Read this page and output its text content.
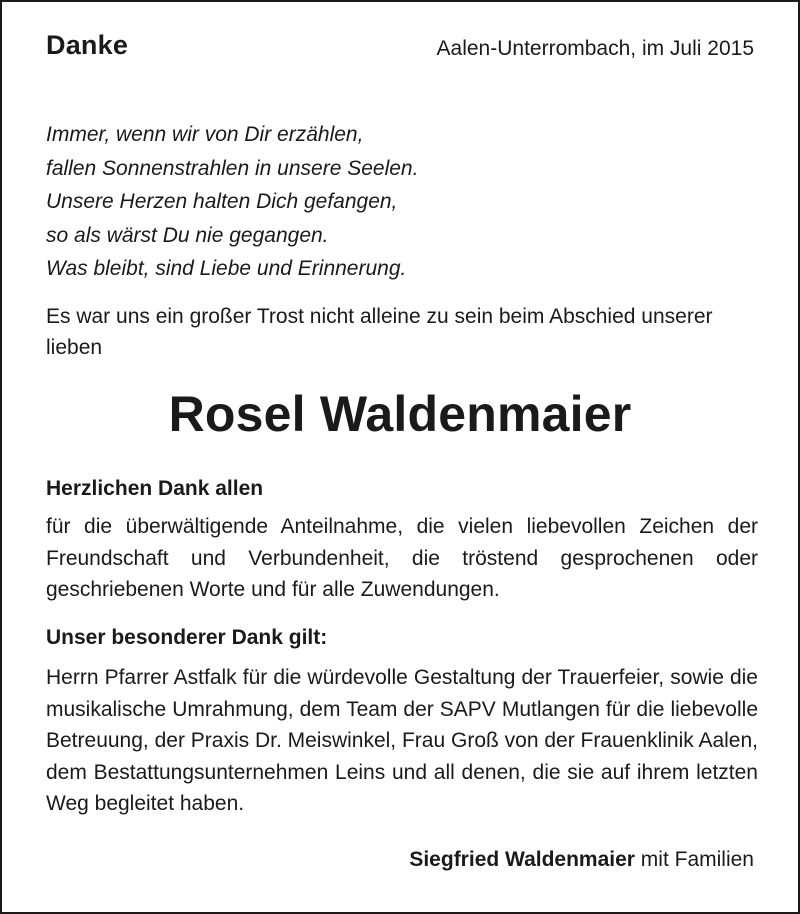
Danke	Aalen-Unterrombach, im Juli 2015
Immer, wenn wir von Dir erzählen,
fallen Sonnenstrahlen in unsere Seelen.
Unsere Herzen halten Dich gefangen,
so als wärst Du nie gegangen.
Was bleibt, sind Liebe und Erinnerung.
Es war uns ein großer Trost nicht alleine zu sein beim Abschied unserer lieben
Rosel Waldenmaier
Herzlichen Dank allen
für die überwältigende Anteilnahme, die vielen liebevollen Zeichen der Freundschaft und Verbundenheit, die tröstend gesprochenen oder geschriebenen Worte und für alle Zuwendungen.
Unser besonderer Dank gilt:
Herrn Pfarrer Astfalk für die würdevolle Gestaltung der Trauerfeier, sowie die musikalische Umrahmung, dem Team der SAPV Mutlangen für die liebevolle Betreuung, der Praxis Dr. Meiswinkel, Frau Groß von der Frauenklinik Aalen, dem Bestattungsunternehmen Leins und all denen, die sie auf ihrem letzten Weg begleitet haben.
Siegfried Waldenmaier mit Familien
